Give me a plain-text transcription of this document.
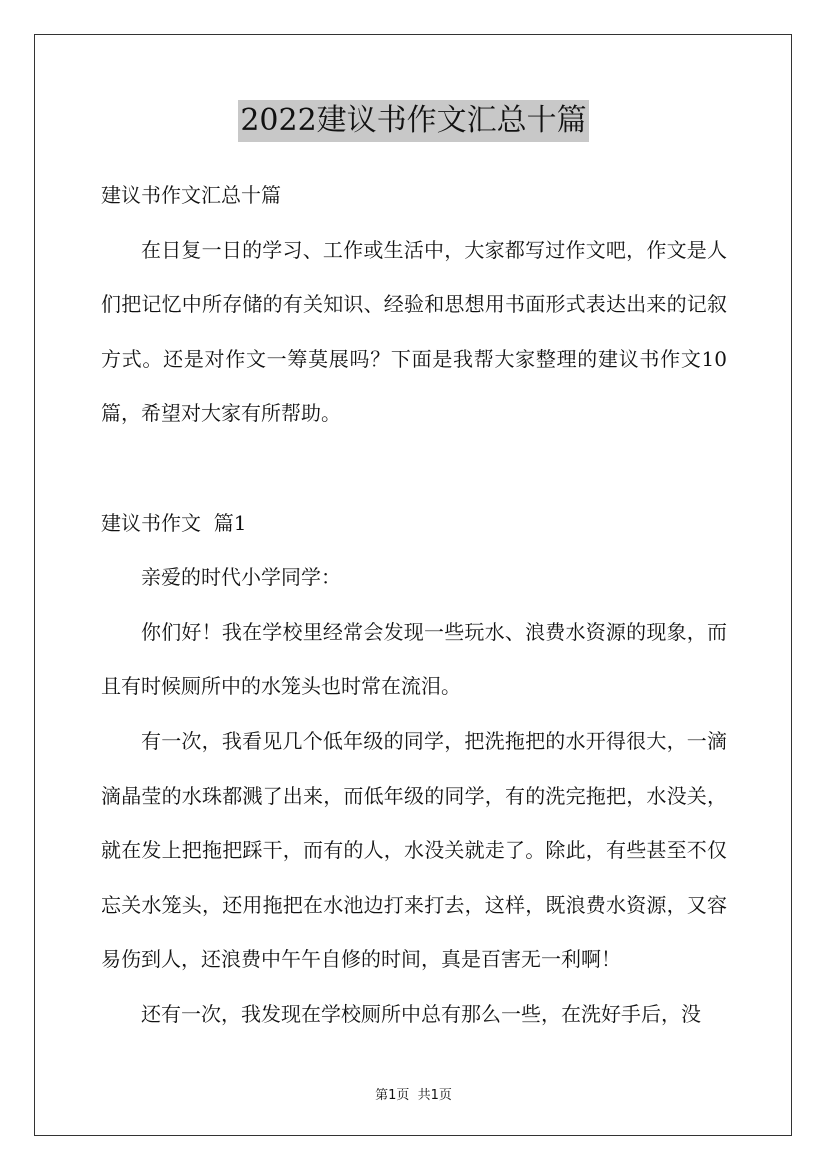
2022建议书作文汇总十篇
建议书作文汇总十篇

在日复一日的学习、工作或生活中，大家都写过作文吧，作文是人们把记忆中所存储的有关知识、经验和思想用书面形式表达出来的记叙方式。还是对作文一筹莫展吗？下面是我帮大家整理的建议书作文10篇，希望对大家有所帮助。

建议书作文  篇1

亲爱的时代小学同学：

你们好！我在学校里经常会发现一些玩水、浪费水资源的现象，而且有时候厕所中的水笼头也时常在流泪。

有一次，我看见几个低年级的同学，把洗拖把的水开得很大，一滴滴晶莹的水珠都溅了出来，而低年级的同学，有的洗完拖把，水没关，就在发上把拖把踩干，而有的人，水没关就走了。除此，有些甚至不仅忘关水笼头，还用拖把在水池边打来打去，这样，既浪费水资源，又容易伤到人，还浪费中午午自修的时间，真是百害无一利啊！

还有一次，我发现在学校厕所中总有那么一些，在洗好手后，没

第1页  共1页
